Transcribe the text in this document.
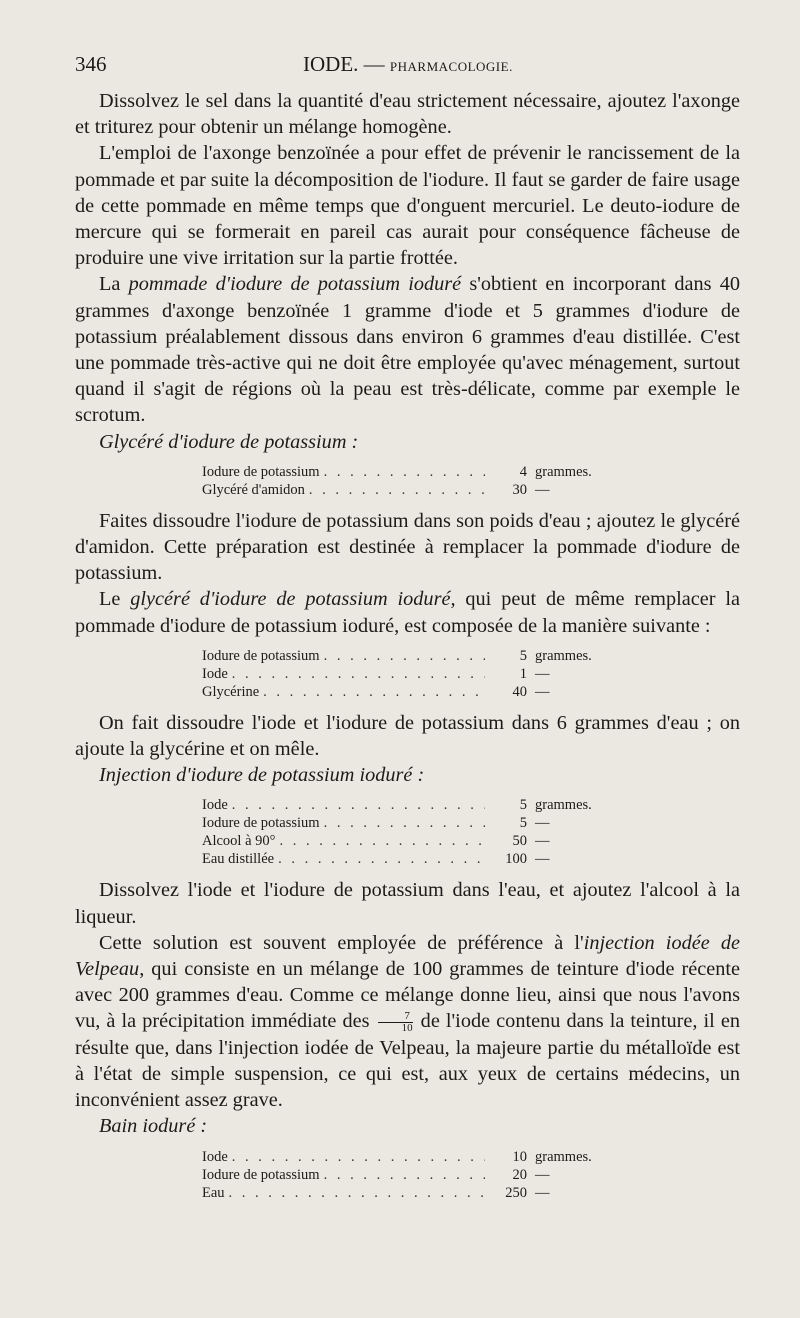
346	IODE. — PHARMACOLOGIE.

Dissolvez le sel dans la quantité d'eau strictement nécessaire, ajoutez l'axonge et triturez pour obtenir un mélange homogène.

L'emploi de l'axonge benzoïnée a pour effet de prévenir le rancissement de la pommade et par suite la décomposition de l'iodure. Il faut se garder de faire usage de cette pommade en même temps que d'onguent mercuriel. Le deuto-iodure de mercure qui se formerait en pareil cas aurait pour conséquence fâcheuse de produire une vive irritation sur la partie frottée.

La pommade d'iodure de potassium ioduré s'obtient en incorporant dans 40 grammes d'axonge benzoïnée 1 gramme d'iode et 5 grammes d'iodure de potassium préalablement dissous dans environ 6 grammes d'eau distillée. C'est une pommade très-active qui ne doit être employée qu'avec ménagement, surtout quand il s'agit de régions où la peau est très-délicate, comme par exemple le scrotum.

Glycéré d'iodure de potassium :

Iodure de potassium . . .	4 grammes.
Glycéré d'amidon . . .	30 —

Faites dissoudre l'iodure de potassium dans son poids d'eau ; ajoutez le glycéré d'amidon. Cette préparation est destinée à remplacer la pommade d'iodure de potassium.

Le glycéré d'iodure de potassium ioduré, qui peut de même remplacer la pommade d'iodure de potassium ioduré, est composée de la manière suivante :

Iodure de potassium . . .	5 grammes.
Iode . . .	1 —
Glycérine . . .	40 —

On fait dissoudre l'iode et l'iodure de potassium dans 6 grammes d'eau ; on ajoute la glycérine et on mêle.

Injection d'iodure de potassium ioduré :

Iode . . .	5 grammes.
Iodure de potassium . . .	5 —
Alcool à 90° . . .	50 —
Eau distillée . . .	100 —

Dissolvez l'iode et l'iodure de potassium dans l'eau, et ajoutez l'alcool à la liqueur.

Cette solution est souvent employée de préférence à l'injection iodée de Velpeau, qui consiste en un mélange de 100 grammes de teinture d'iode récente avec 200 grammes d'eau. Comme ce mélange donne lieu, ainsi que nous l'avons vu, à la précipitation immédiate des $\frac{7}{10}$ de l'iode contenu dans la teinture, il en résulte que, dans l'injection iodée de Velpeau, la majeure partie du métalloïde est à l'état de simple suspension, ce qui est, aux yeux de certains médecins, un inconvénient assez grave.

Bain ioduré :

Iode . . .	10 grammes.
Iodure de potassium . . .	20 —
Eau . . .	250 —
